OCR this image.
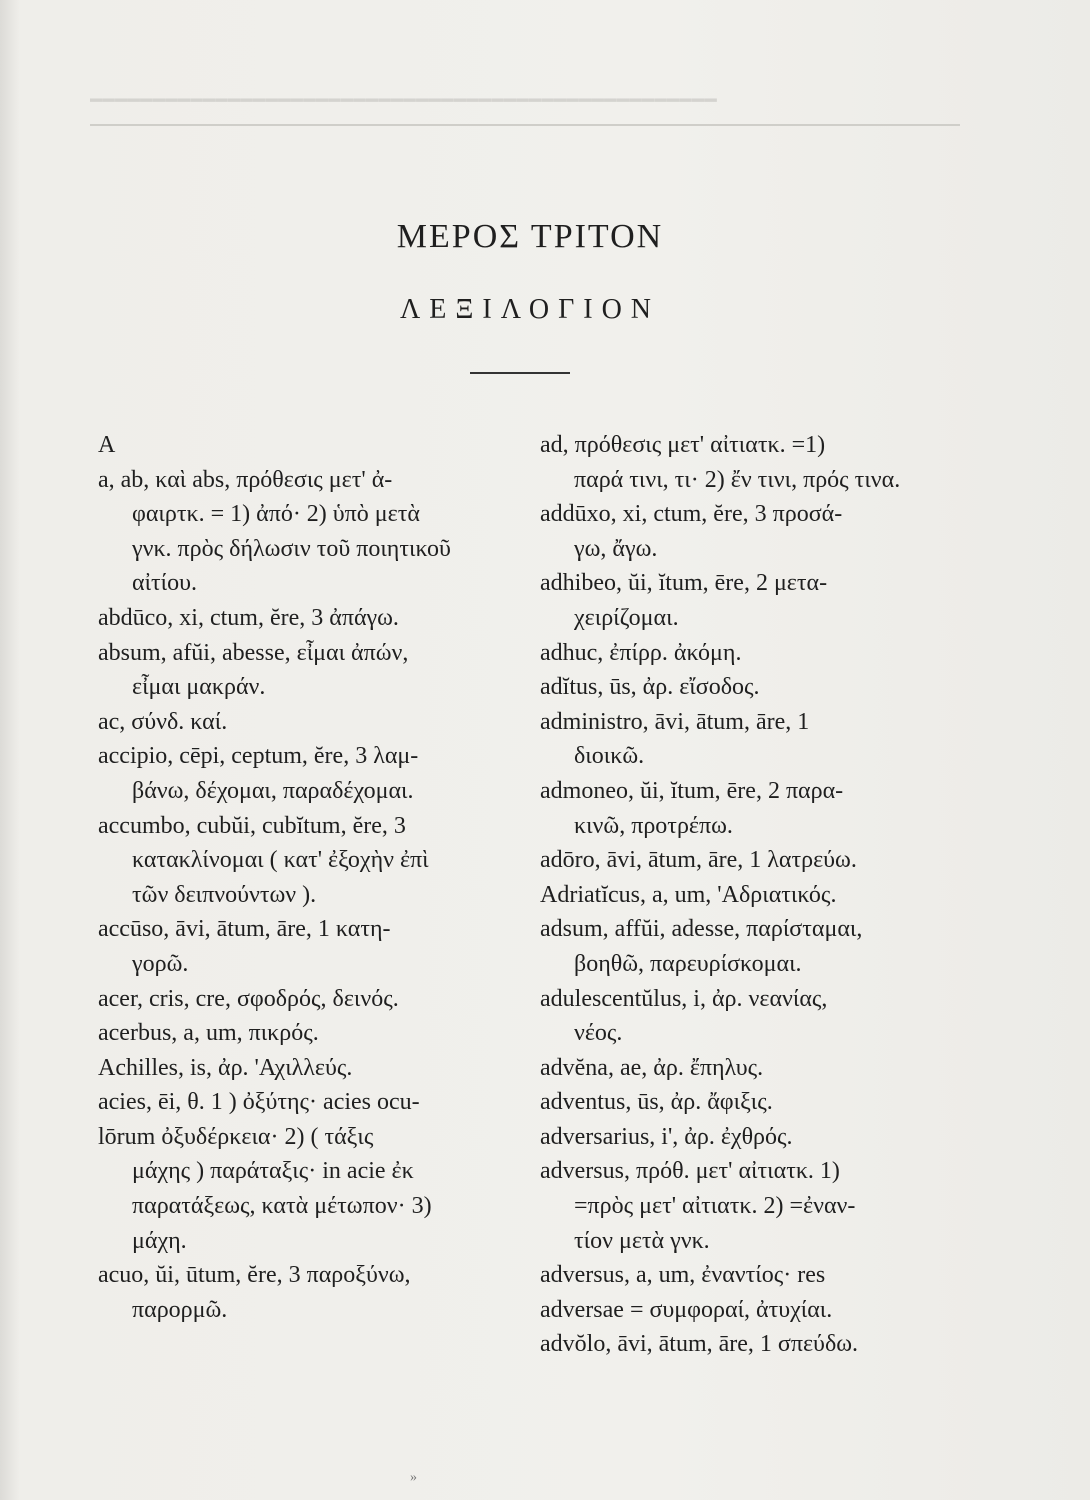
━━━━━━━━━━━━━━━━━━━━━━━━━━━━━━━━━━━━━━━━━━━━━━━━━━
ΜΕΡΟΣ ΤΡΙΤΟΝ
ΛΕΞΙΛΟΓΙΟΝ

A

a, ab, καὶ abs, πρόθεσις μετ' ἀ-

φαιρτκ. = 1) ἀπό· 2) ὑπὸ μετὰ

γνκ. πρὸς δήλωσιν τοῦ ποιητικοῦ

αἰτίου.

abdūco, xi, ctum, ĕre, 3 ἀπάγω.

absum, afŭi, abesse, εἶμαι ἀπών,

εἶμαι μακράν.

ac, σύνδ. καί.

accipio, cēpi, ceptum, ĕre, 3 λαμ-

βάνω, δέχομαι, παραδέχομαι.

accumbo, cubŭi, cubĭtum, ĕre, 3

κατακλίνομαι ( κατ' ἐξοχὴν ἐπὶ

τῶν δειπνούντων ).

accūso, āvi, ātum, āre, 1 κατη-

γορῶ.

acer, cris, cre, σφοδρός, δεινός.

acerbus, a, um, πικρός.

Achilles, is, ἀρ. 'Αχιλλεύς.

acies, ēi, θ. 1 ) ὀξύτης· acies ocu-

lōrum ὀξυδέρκεια· 2) ( τάξις

μάχης ) παράταξις· in acie ἐκ

παρατάξεως, κατὰ μέτωπον· 3)

μάχη.

acuo, ŭi, ūtum, ĕre, 3 παροξύνω,

παρορμῶ.

ad, πρόθεσις μετ' αἰτιατκ. =1)

παρά τινι, τι· 2) ἔν τινι, πρός τινα.

addūxo, xi, ctum, ĕre, 3 προσά-

γω, ἄγω.

adhibeo, ŭi, ĭtum, ēre, 2 μετα-

χειρίζομαι.

adhuc, ἐπίρρ. ἀκόμη.

adĭtus, ūs, ἀρ. εἴσοδος.

administro, āvi, ātum, āre, 1

διοικῶ.

admoneo, ŭi, ĭtum, ēre, 2 παρα-

κινῶ, προτρέπω.

adōro, āvi, ātum, āre, 1 λατρεύω.

Adriatĭcus, a, um, 'Αδριατικός.

adsum, affŭi, adesse, παρίσταμαι,

βοηθῶ, παρευρίσκομαι.

adulescentŭlus, i, ἀρ. νεανίας,

νέος.

advĕna, ae, ἀρ. ἔπηλυς.

adventus, ūs, ἀρ. ἄφιξις.

adversarius, i', ἀρ. ἐχθρός.

adversus, πρόθ. μετ' αἰτιατκ. 1)

=πρὸς μετ' αἰτιατκ. 2) =ἐναν-

τίον μετὰ γνκ.

adversus, a, um, ἐναντίος· res

adversae = συμφοραί, ἀτυχίαι.

advŏlo, āvi, ātum, āre, 1 σπεύδω.

»
